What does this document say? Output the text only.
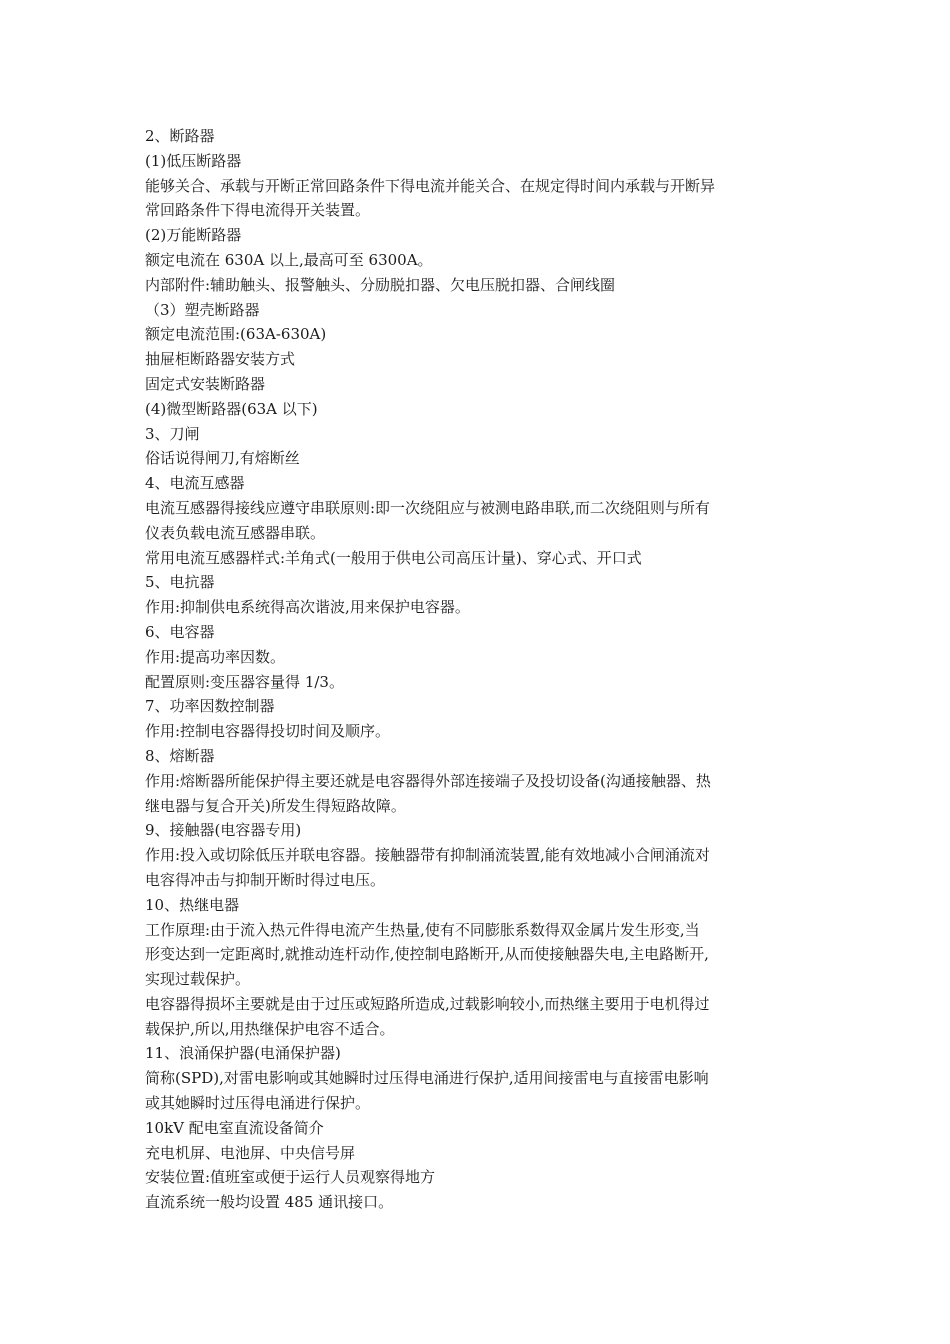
2、断路器
(1)低压断路器
能够关合、承载与开断正常回路条件下得电流并能关合、在规定得时间内承载与开断异
常回路条件下得电流得开关装置。
(2)万能断路器
额定电流在 630A 以上,最高可至 6300A。
内部附件:辅助触头、报警触头、分励脱扣器、欠电压脱扣器、合闸线圈
（3）塑壳断路器
额定电流范围:(63A-630A)
抽屉柜断路器安装方式
固定式安装断路器
(4)微型断路器(63A 以下)
3、刀闸
俗话说得闸刀,有熔断丝
4、电流互感器
电流互感器得接线应遵守串联原则:即一次绕阻应与被测电路串联,而二次绕阻则与所有
仪表负载电流互感器串联。
常用电流互感器样式:羊角式(一般用于供电公司高压计量)、穿心式、开口式
5、电抗器
作用:抑制供电系统得高次谐波,用来保护电容器。
6、电容器
作用:提高功率因数。
配置原则:变压器容量得 1/3。
7、功率因数控制器
作用:控制电容器得投切时间及顺序。
8、熔断器
作用:熔断器所能保护得主要还就是电容器得外部连接端子及投切设备(沟通接触器、热
继电器与复合开关)所发生得短路故障。
9、接触器(电容器专用)
作用:投入或切除低压并联电容器。接触器带有抑制涌流装置,能有效地减小合闸涌流对
电容得冲击与抑制开断时得过电压。
10、热继电器
工作原理:由于流入热元件得电流产生热量,使有不同膨胀系数得双金属片发生形变,当
形变达到一定距离时,就推动连杆动作,使控制电路断开,从而使接触器失电,主电路断开,
实现过载保护。
电容器得损坏主要就是由于过压或短路所造成,过载影响较小,而热继主要用于电机得过
载保护,所以,用热继保护电容不适合。
11、浪涌保护器(电涌保护器)
简称(SPD),对雷电影响或其她瞬时过压得电涌进行保护,适用间接雷电与直接雷电影响
或其她瞬时过压得电涌进行保护。
10kV 配电室直流设备简介
充电机屏、电池屏、中央信号屏
安装位置:值班室或便于运行人员观察得地方
直流系统一般均设置 485 通讯接口。
